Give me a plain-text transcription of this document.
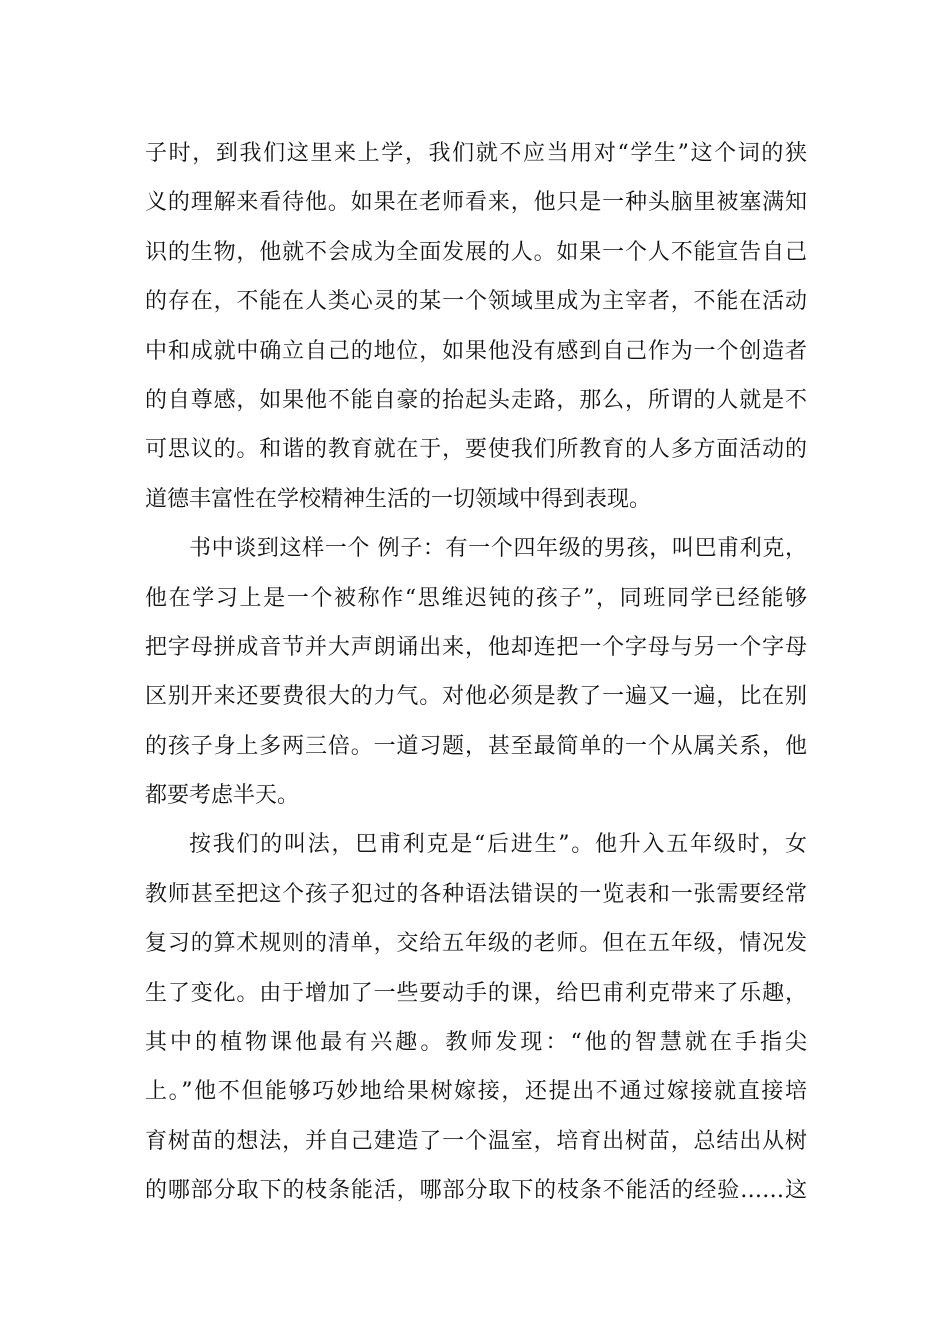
子时，到我们这里来上学，我们就不应当用对“学生”这个词的狭
义的理解来看待他。如果在老师看来，他只是一种头脑里被塞满知
识的生物，他就不会成为全面发展的人。如果一个人不能宣告自己
的存在，不能在人类心灵的某一个领域里成为主宰者，不能在活动
中和成就中确立自己的地位，如果他没有感到自己作为一个创造者
的自尊感，如果他不能自豪的抬起头走路，那么，所谓的人就是不
可思议的。和谐的教育就在于，要使我们所教育的人多方面活动的
道德丰富性在学校精神生活的一切领域中得到表现。
书中谈到这样一个 例子：有一个四年级的男孩，叫巴甫利克，
他在学习上是一个被称作“思维迟钝的孩子”，同班同学已经能够
把字母拼成音节并大声朗诵出来，他却连把一个字母与另一个字母
区别开来还要费很大的力气。对他必须是教了一遍又一遍，比在别
的孩子身上多两三倍。一道习题，甚至最简单的一个从属关系，他
都要考虑半天。
按我们的叫法，巴甫利克是“后进生”。他升入五年级时，女
教师甚至把这个孩子犯过的各种语法错误的一览表和一张需要经常
复习的算术规则的清单，交给五年级的老师。但在五年级，情况发
生了变化。由于增加了一些要动手的课，给巴甫利克带来了乐趣，
其中的植物课他最有兴趣。教师发现：“他的智慧就在手指尖
上。”他不但能够巧妙地给果树嫁接，还提出不通过嫁接就直接培
育树苗的想法，并自己建造了一个温室，培育出树苗，总结出从树
的哪部分取下的枝条能活，哪部分取下的枝条不能活的经验……这
